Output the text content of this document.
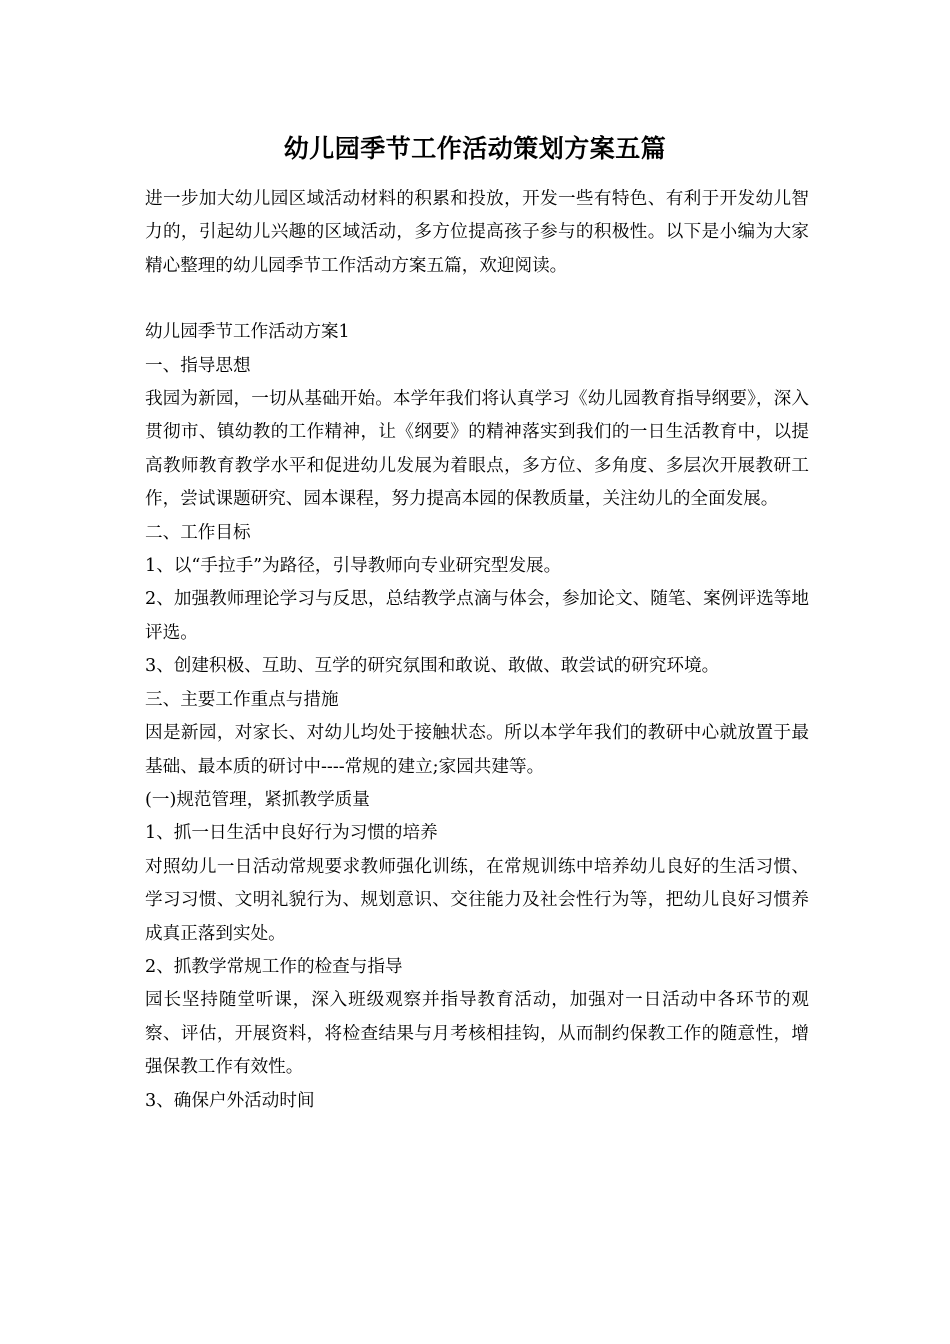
幼儿园季节工作活动策划方案五篇

进一步加大幼儿园区域活动材料的积累和投放，开发一些有特色、有利于开发幼儿智力的，引起幼儿兴趣的区域活动，多方位提高孩子参与的积极性。以下是小编为大家精心整理的幼儿园季节工作活动方案五篇，欢迎阅读。

幼儿园季节工作活动方案1

一、指导思想

我园为新园，一切从基础开始。本学年我们将认真学习《幼儿园教育指导纲要》，深入贯彻市、镇幼教的工作精神，让《纲要》的精神落实到我们的一日生活教育中，以提高教师教育教学水平和促进幼儿发展为着眼点，多方位、多角度、多层次开展教研工作，尝试课题研究、园本课程，努力提高本园的保教质量，关注幼儿的全面发展。

二、工作目标

1、以“手拉手”为路径，引导教师向专业研究型发展。

2、加强教师理论学习与反思，总结教学点滴与体会，参加论文、随笔、案例评选等地评选。

3、创建积极、互助、互学的研究氛围和敢说、敢做、敢尝试的研究环境。

三、主要工作重点与措施

因是新园，对家长、对幼儿均处于接触状态。所以本学年我们的教研中心就放置于最基础、最本质的研讨中----常规的建立;家园共建等。

(一)规范管理，紧抓教学质量

1、抓一日生活中良好行为习惯的培养

对照幼儿一日活动常规要求教师强化训练，在常规训练中培养幼儿良好的生活习惯、学习习惯、文明礼貌行为、规划意识、交往能力及社会性行为等，把幼儿良好习惯养成真正落到实处。

2、抓教学常规工作的检查与指导

园长坚持随堂听课，深入班级观察并指导教育活动，加强对一日活动中各环节的观察、评估，开展资料，将检查结果与月考核相挂钩，从而制约保教工作的随意性，增强保教工作有效性。

3、确保户外活动时间
